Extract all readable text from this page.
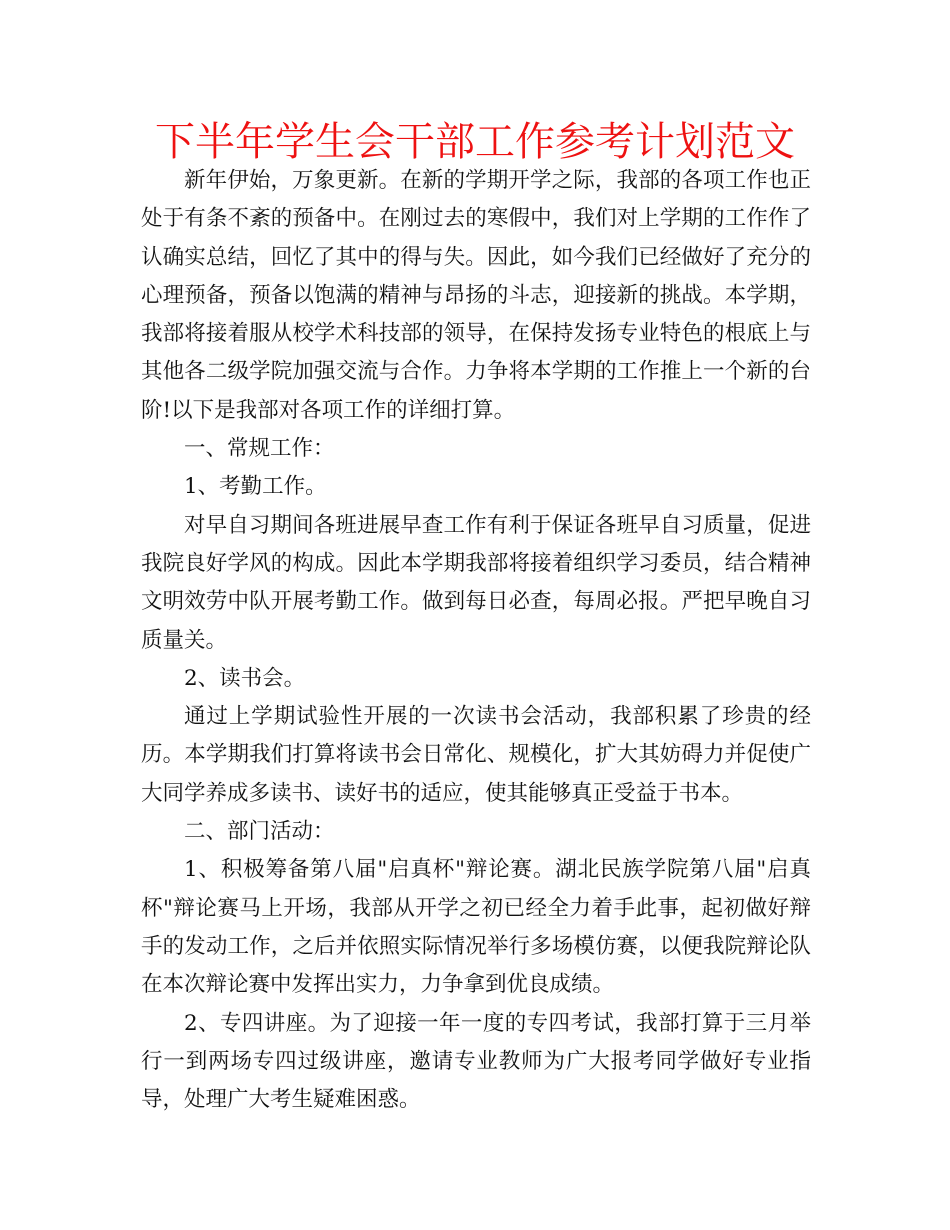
下半年学生会干部工作参考计划范文

新年伊始，万象更新。在新的学期开学之际，我部的各项工作也正处于有条不紊的预备中。在刚过去的寒假中，我们对上学期的工作作了认确实总结，回忆了其中的得与失。因此，如今我们已经做好了充分的心理预备，预备以饱满的精神与昂扬的斗志，迎接新的挑战。本学期，我部将接着服从校学术科技部的领导，在保持发扬专业特色的根底上与其他各二级学院加强交流与合作。力争将本学期的工作推上一个新的台阶!以下是我部对各项工作的详细打算。

一、常规工作：

1、考勤工作。

对早自习期间各班进展早查工作有利于保证各班早自习质量，促进我院良好学风的构成。因此本学期我部将接着组织学习委员，结合精神文明效劳中队开展考勤工作。做到每日必查，每周必报。严把早晚自习质量关。

2、读书会。

通过上学期试验性开展的一次读书会活动，我部积累了珍贵的经历。本学期我们打算将读书会日常化、规模化，扩大其妨碍力并促使广大同学养成多读书、读好书的适应，使其能够真正受益于书本。

二、部门活动：

1、积极筹备第八届"启真杯"辩论赛。湖北民族学院第八届"启真杯"辩论赛马上开场，我部从开学之初已经全力着手此事，起初做好辩手的发动工作，之后并依照实际情况举行多场模仿赛，以便我院辩论队在本次辩论赛中发挥出实力，力争拿到优良成绩。

2、专四讲座。为了迎接一年一度的专四考试，我部打算于三月举行一到两场专四过级讲座，邀请专业教师为广大报考同学做好专业指导，处理广大考生疑难困惑。
